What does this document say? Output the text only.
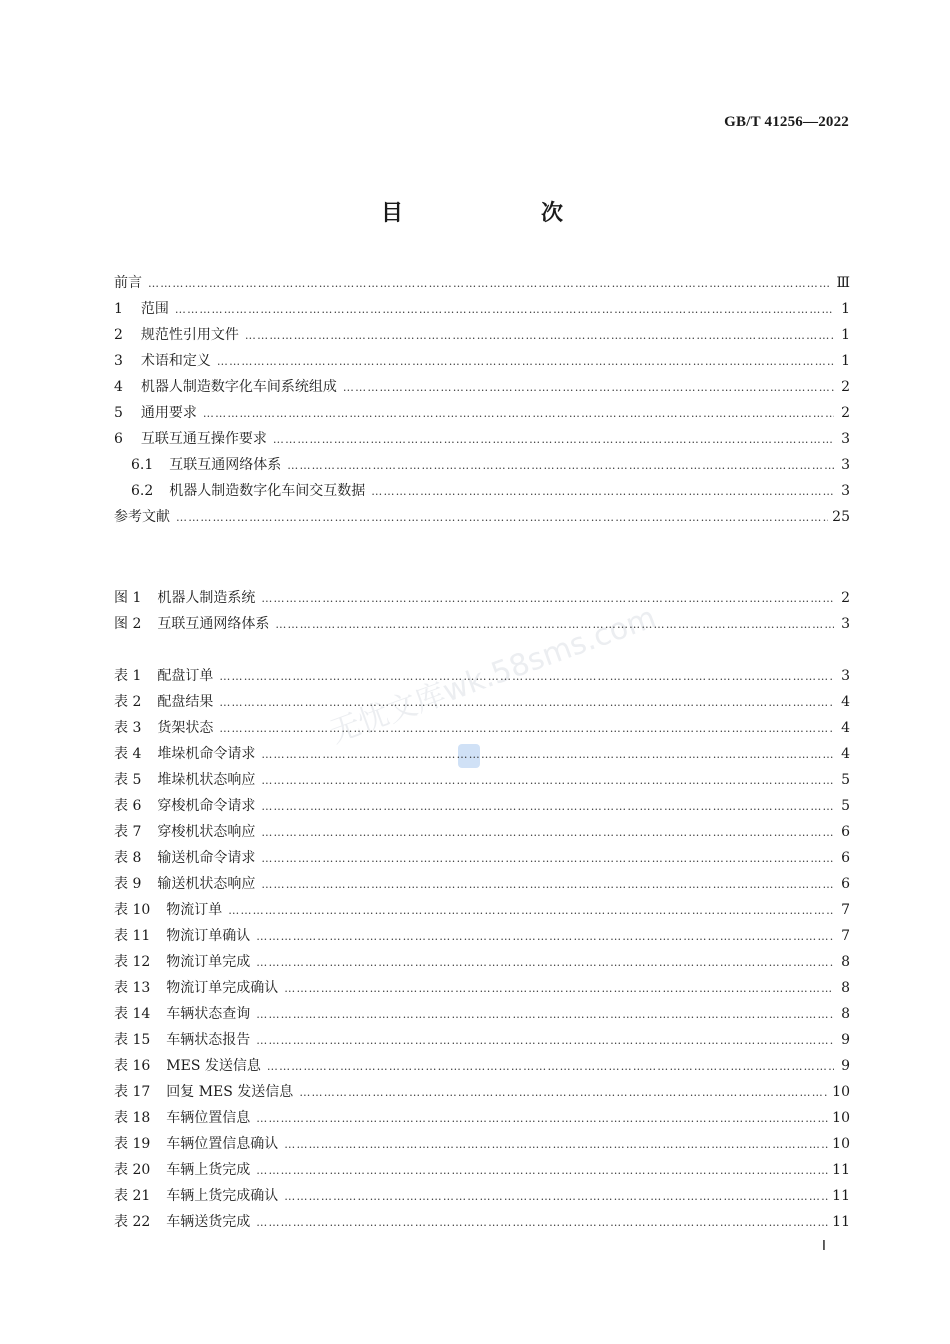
GB/T 41256—2022
目　次
无忧文库wk.58sms.com
前言 ……………………………………………………………………………………………………………………………………………………………………………………………………………………………………………………………………………………	Ⅲ
1 范围 ……………………………………………………………………………………………………………………………………………………………………………………………………………………………………………………………………………………	1
2 规范性引用文件 ……………………………………………………………………………………………………………………………………………………………………………………………………………………………………………………………………………………	1
3 术语和定义 ……………………………………………………………………………………………………………………………………………………………………………………………………………………………………………………………………………………	1
4 机器人制造数字化车间系统组成 ……………………………………………………………………………………………………………………………………………………………………………………………………………………………………………………………………………………	2
5 通用要求 ……………………………………………………………………………………………………………………………………………………………………………………………………………………………………………………………………………………	2
6 互联互通互操作要求 ……………………………………………………………………………………………………………………………………………………………………………………………………………………………………………………………………………………	3
6.1 互联互通网络体系 ……………………………………………………………………………………………………………………………………………………………………………………………………………………………………………………………………………………	3
6.2 机器人制造数字化车间交互数据 ……………………………………………………………………………………………………………………………………………………………………………………………………………………………………………………………………………………	3
参考文献 ……………………………………………………………………………………………………………………………………………………………………………………………………………………………………………………………………………………	25
图 1 机器人制造系统 ……………………………………………………………………………………………………………………………………………………………………………………………………………………………………………………………………………………	2
图 2 互联互通网络体系 ……………………………………………………………………………………………………………………………………………………………………………………………………………………………………………………………………………………	3
表 1 配盘订单 ……………………………………………………………………………………………………………………………………………………………………………………………………………………………………………………………………………………	3
表 2 配盘结果 ……………………………………………………………………………………………………………………………………………………………………………………………………………………………………………………………………………………	4
表 3 货架状态 ……………………………………………………………………………………………………………………………………………………………………………………………………………………………………………………………………………………	4
表 4 堆垛机命令请求 ……………………………………………………………………………………………………………………………………………………………………………………………………………………………………………………………………………………	4
表 5 堆垛机状态响应 ……………………………………………………………………………………………………………………………………………………………………………………………………………………………………………………………………………………	5
表 6 穿梭机命令请求 ……………………………………………………………………………………………………………………………………………………………………………………………………………………………………………………………………………………	5
表 7 穿梭机状态响应 ……………………………………………………………………………………………………………………………………………………………………………………………………………………………………………………………………………………	6
表 8 输送机命令请求 ……………………………………………………………………………………………………………………………………………………………………………………………………………………………………………………………………………………	6
表 9 输送机状态响应 ……………………………………………………………………………………………………………………………………………………………………………………………………………………………………………………………………………………	6
表 10 物流订单 ……………………………………………………………………………………………………………………………………………………………………………………………………………………………………………………………………………………	7
表 11 物流订单确认 ……………………………………………………………………………………………………………………………………………………………………………………………………………………………………………………………………………………	7
表 12 物流订单完成 ……………………………………………………………………………………………………………………………………………………………………………………………………………………………………………………………………………………	8
表 13 物流订单完成确认 ……………………………………………………………………………………………………………………………………………………………………………………………………………………………………………………………………………………	8
表 14 车辆状态查询 ……………………………………………………………………………………………………………………………………………………………………………………………………………………………………………………………………………………	8
表 15 车辆状态报告 ……………………………………………………………………………………………………………………………………………………………………………………………………………………………………………………………………………………	9
表 16 MES 发送信息 ……………………………………………………………………………………………………………………………………………………………………………………………………………………………………………………………………………………	9
表 17 回复 MES 发送信息 ……………………………………………………………………………………………………………………………………………………………………………………………………………………………………………………………………………………	10
表 18 车辆位置信息 ……………………………………………………………………………………………………………………………………………………………………………………………………………………………………………………………………………………	10
表 19 车辆位置信息确认 ……………………………………………………………………………………………………………………………………………………………………………………………………………………………………………………………………………………	10
表 20 车辆上货完成 ……………………………………………………………………………………………………………………………………………………………………………………………………………………………………………………………………………………	11
表 21 车辆上货完成确认 ……………………………………………………………………………………………………………………………………………………………………………………………………………………………………………………………………………………	11
表 22 车辆送货完成 ……………………………………………………………………………………………………………………………………………………………………………………………………………………………………………………………………………………	11
Ⅰ
